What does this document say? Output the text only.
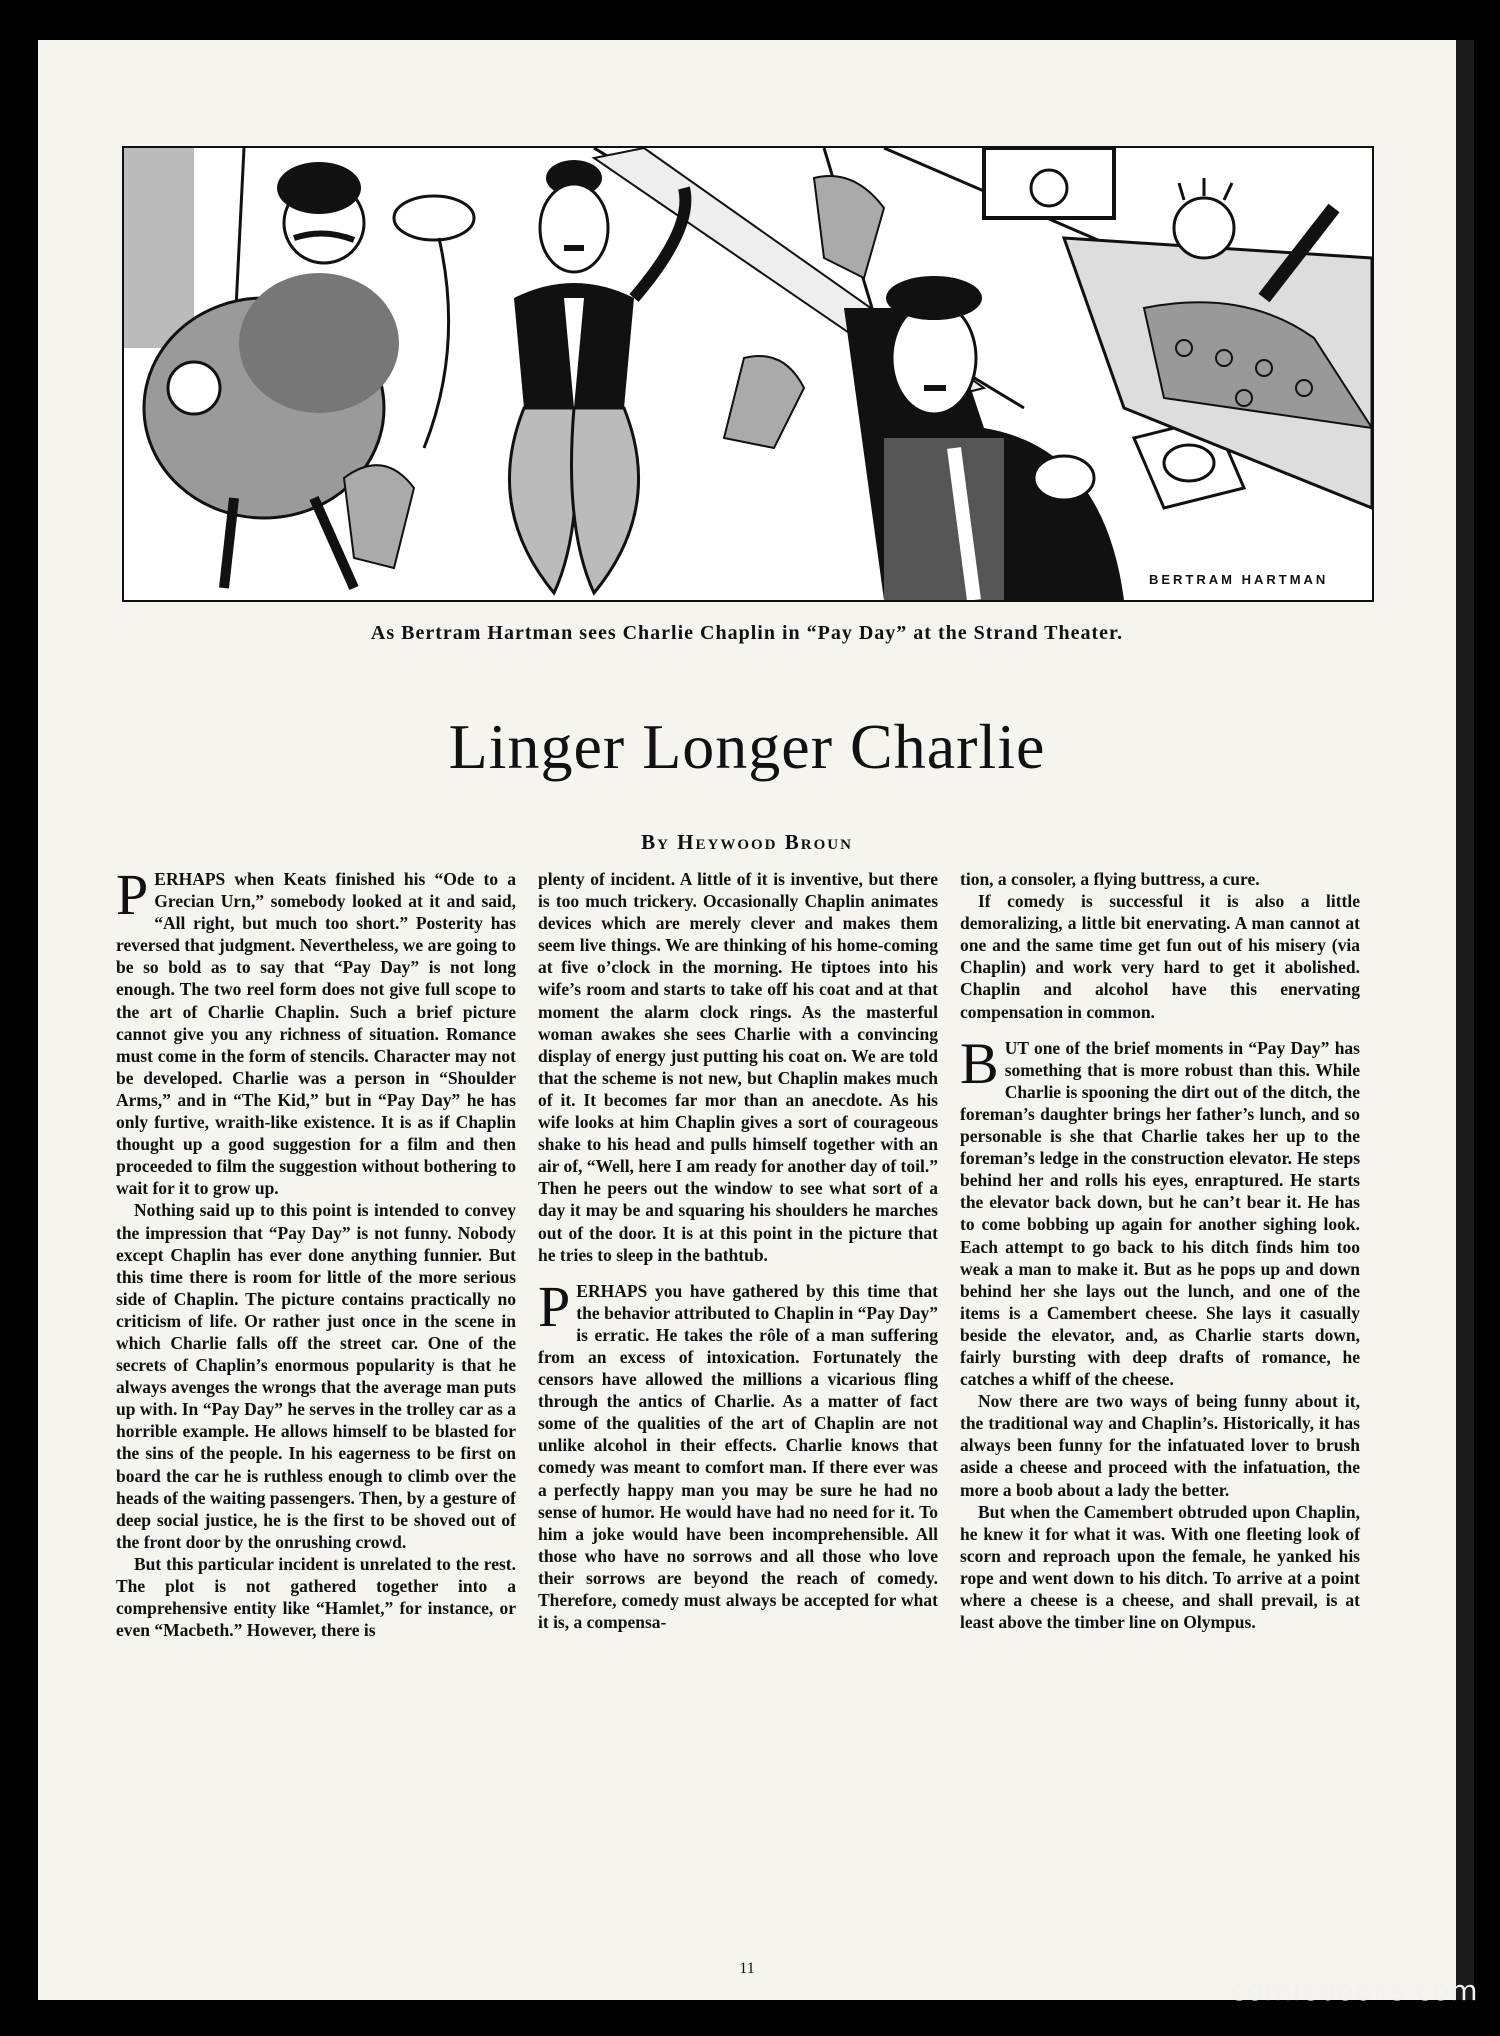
BERTRAM HARTMAN

As Bertram Hartman sees Charlie Chaplin in “Pay Day” at the Strand Theater.

Linger Longer Charlie

By Heywood Broun

PERHAPS when Keats finished his “Ode to a Grecian Urn,” somebody looked at it and said, “All right, but much too short.” Posterity has reversed that judgment. Nevertheless, we are going to be so bold as to say that “Pay Day” is not long enough. The two reel form does not give full scope to the art of Charlie Chaplin. Such a brief picture cannot give you any richness of situation. Romance must come in the form of stencils. Character may not be developed. Charlie was a person in “Shoulder Arms,” and in “The Kid,” but in “Pay Day” he has only furtive, wraith-like existence. It is as if Chaplin thought up a good suggestion for a film and then proceeded to film the suggestion without bothering to wait for it to grow up.

Nothing said up to this point is intended to convey the impression that “Pay Day” is not funny. Nobody except Chaplin has ever done anything funnier. But this time there is room for little of the more serious side of Chaplin. The picture contains practically no criticism of life. Or rather just once in the scene in which Charlie falls off the street car. One of the secrets of Chaplin’s enormous popularity is that he always avenges the wrongs that the average man puts up with. In “Pay Day” he serves in the trolley car as a horrible example. He allows himself to be blasted for the sins of the people. In his eagerness to be first on board the car he is ruthless enough to climb over the heads of the waiting passengers. Then, by a gesture of deep social justice, he is the first to be shoved out of the front door by the onrushing crowd.

But this particular incident is unrelated to the rest. The plot is not gathered together into a comprehensive entity like “Hamlet,” for instance, or even “Macbeth.” However, there is

plenty of incident. A little of it is inventive, but there is too much trickery. Occasionally Chaplin animates devices which are merely clever and makes them seem live things. We are thinking of his home-coming at five o’clock in the morning. He tiptoes into his wife’s room and starts to take off his coat and at that moment the alarm clock rings. As the masterful woman awakes she sees Charlie with a convincing display of energy just putting his coat on. We are told that the scheme is not new, but Chaplin makes much of it. It becomes far mor than an anecdote. As his wife looks at him Chaplin gives a sort of courageous shake to his head and pulls himself together with an air of, “Well, here I am ready for another day of toil.” Then he peers out the window to see what sort of a day it may be and squaring his shoulders he marches out of the door. It is at this point in the picture that he tries to sleep in the bathtub.

PERHAPS you have gathered by this time that the behavior attributed to Chaplin in “Pay Day” is erratic. He takes the rôle of a man suffering from an excess of intoxication. Fortunately the censors have allowed the millions a vicarious fling through the antics of Charlie. As a matter of fact some of the qualities of the art of Chaplin are not unlike alcohol in their effects. Charlie knows that comedy was meant to comfort man. If there ever was a perfectly happy man you may be sure he had no sense of humor. He would have had no need for it. To him a joke would have been incomprehensible. All those who have no sorrows and all those who love their sorrows are beyond the reach of comedy. Therefore, comedy must always be accepted for what it is, a compensa-

tion, a consoler, a flying buttress, a cure.

If comedy is successful it is also a little demoralizing, a little bit enervating. A man cannot at one and the same time get fun out of his misery (via Chaplin) and work very hard to get it abolished. Chaplin and alcohol have this enervating compensation in common.

BUT one of the brief moments in “Pay Day” has something that is more robust than this. While Charlie is spooning the dirt out of the ditch, the foreman’s daughter brings her father’s lunch, and so personable is she that Charlie takes her up to the foreman’s ledge in the construction elevator. He steps behind her and rolls his eyes, enraptured. He starts the elevator back down, but he can’t bear it. He has to come bobbing up again for another sighing look. Each attempt to go back to his ditch finds him too weak a man to make it. But as he pops up and down behind her she lays out the lunch, and one of the items is a Camembert cheese. She lays it casually beside the elevator, and, as Charlie starts down, fairly bursting with deep drafts of romance, he catches a whiff of the cheese.

Now there are two ways of being funny about it, the traditional way and Chaplin’s. Historically, it has always been funny for the infatuated lover to brush aside a cheese and proceed with the infatuation, the more a boob about a lady the better.

But when the Camembert obtruded upon Chaplin, he knew it for what it was. With one fleeting look of scorn and reproach upon the female, he yanked his rope and went down to his ditch. To arrive at a point where a cheese is a cheese, and shall prevail, is at least above the timber line on Olympus.

11

comicbooks.com
